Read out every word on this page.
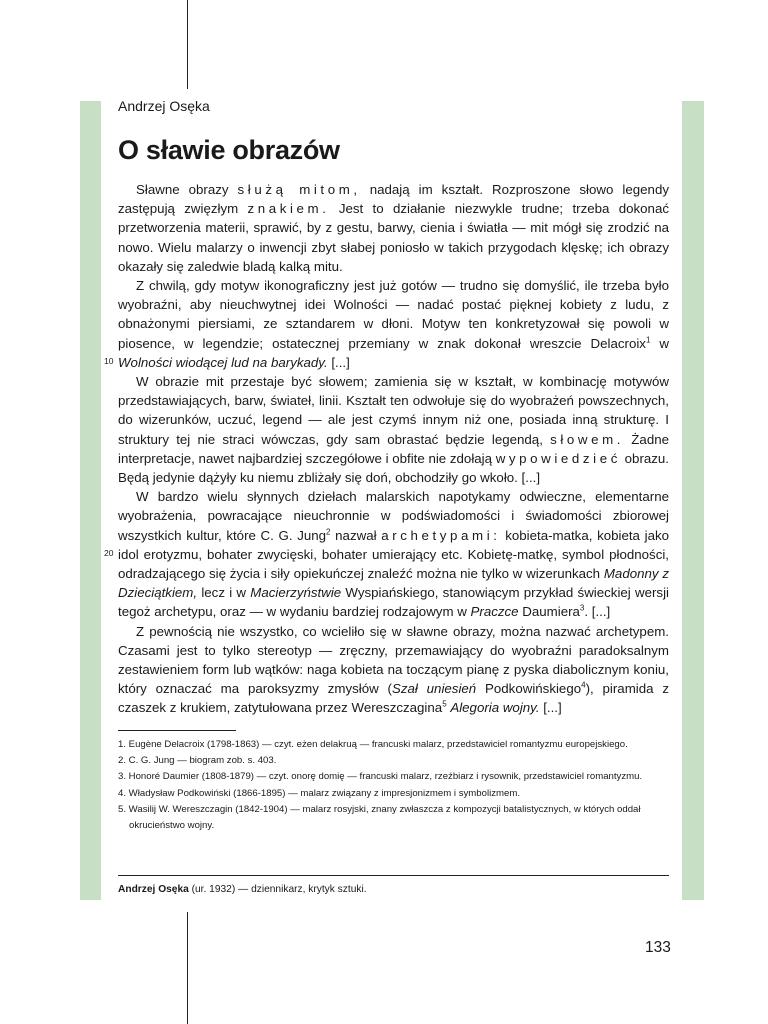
Andrzej Osęka
O sławie obrazów
10
20

Sławne obrazy służą mitom, nadają im kształt. Rozproszone słowo legendy zastępują zwięzłym znakiem. Jest to działanie niezwykle trudne; trzeba dokonać przetworzenia materii, sprawić, by z gestu, barwy, cienia i światła — mit mógł się zrodzić na nowo. Wielu malarzy o inwencji zbyt słabej poniosło w takich przygodach klęskę; ich obrazy okazały się zaledwie bladą kalką mitu.

Z chwilą, gdy motyw ikonograficzny jest już gotów — trudno się domyślić, ile trzeba było wyobraźni, aby nieuchwytnej idei Wolności — nadać postać pięknej kobiety z ludu, z obnażonymi piersiami, ze sztandarem w dłoni. Motyw ten konkretyzował się powoli w piosence, w legendzie; ostatecznej przemiany w znak dokonał wreszcie Delacroix$^1$ w Wolności wiodącej lud na barykady. [...]

W obrazie mit przestaje być słowem; zamienia się w kształt, w kombinację motywów przedstawiających, barw, świateł, linii. Kształt ten odwołuje się do wyobrażeń powszechnych, do wizerunków, uczuć, legend — ale jest czymś innym niż one, posiada inną strukturę. I struktury tej nie straci wówczas, gdy sam obrastać będzie legendą, słowem. Żadne interpretacje, nawet najbardziej szczegółowe i obfite nie zdołają wypowiedzieć obrazu. Będą jedynie dążyły ku niemu zbliżały się doń, obchodziły go wkoło. [...]

W bardzo wielu słynnych dziełach malarskich napotykamy odwieczne, elementarne wyobrażenia, powracające nieuchronnie w podświadomości i świadomości zbiorowej wszystkich kultur, które C. G. Jung$^2$ nazwał archetypami: kobieta-matka, kobieta jako idol erotyzmu, bohater zwycięski, bohater umierający etc. Kobietę-matkę, symbol płodności, odradzającego się życia i siły opiekuńczej znaleźć można nie tylko w wizerunkach Madonny z Dzieciątkiem, lecz i w Macierzyństwie Wyspiańskiego, stanowiącym przykład świeckiej wersji tegoż archetypu, oraz — w wydaniu bardziej rodzajowym w Praczce Daumiera$^3$. [...]

Z pewnością nie wszystko, co wcieliło się w sławne obrazy, można nazwać archetypem. Czasami jest to tylko stereotyp — zręczny, przemawiający do wyobraźni paradoksalnym zestawieniem form lub wątków: naga kobieta na toczącym pianę z pyska diabolicznym koniu, który oznaczać ma paroksyzmy zmysłów (Szał uniesień Podkowińskiego$^4$), piramida z czaszek z krukiem, zatytułowana przez Wereszczagina$^5$ Alegoria wojny. [...]

1. Eugène Delacroix (1798-1863) — czyt. eżen delakruą — francuski malarz, przedstawiciel romantyzmu europejskiego.
2. C. G. Jung — biogram zob. s. 403.
3. Honoré Daumier (1808-1879) — czyt. onorę domię — francuski malarz, rzeźbiarz i rysownik, przedstawiciel romantyzmu.
4. Władysław Podkowiński (1866-1895) — malarz związany z impresjonizmem i symbolizmem.
5. Wasilij W. Wereszczagin (1842-1904) — malarz rosyjski, znany zwłaszcza z kompozycji batalistycznych, w których oddał okrucieństwo wojny.
Andrzej Osęka (ur. 1932) — dziennikarz, krytyk sztuki.
133
